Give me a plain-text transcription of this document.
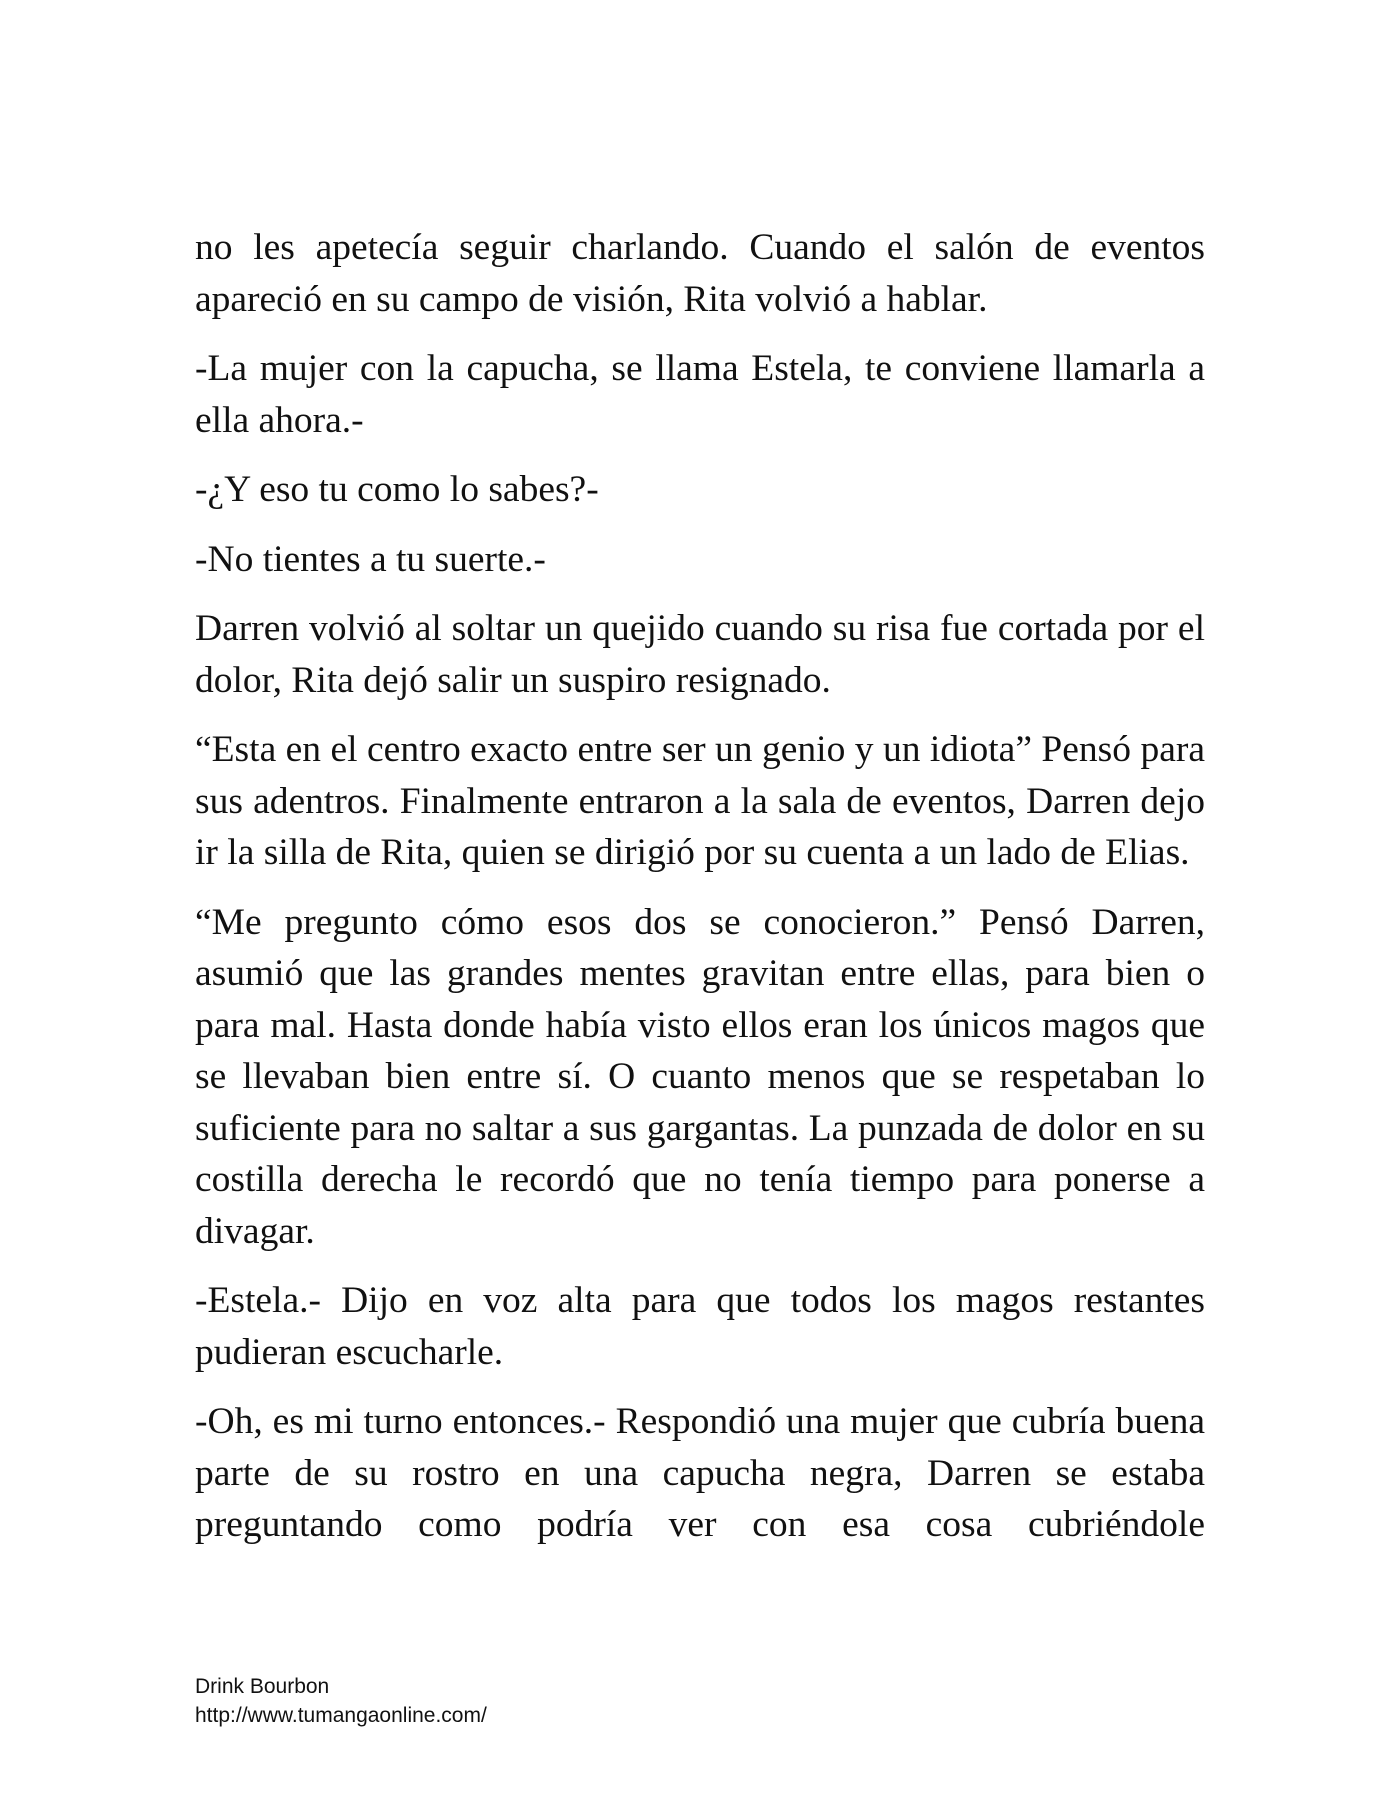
no les apetecía seguir charlando. Cuando el salón de eventos apareció en su campo de visión, Rita volvió a hablar.

-La mujer con la capucha, se llama Estela, te conviene llamarla a ella ahora.-

-¿Y eso tu como lo sabes?-

-No tientes a tu suerte.-

Darren volvió al soltar un quejido cuando su risa fue cortada por el dolor, Rita dejó salir un suspiro resignado.

“Esta en el centro exacto entre ser un genio y un idiota” Pensó para sus adentros. Finalmente entraron a la sala de eventos, Darren dejo ir la silla de Rita, quien se dirigió por su cuenta a un lado de Elias.

“Me pregunto cómo esos dos se conocieron.” Pensó Darren, asumió que las grandes mentes gravitan entre ellas, para bien o para mal. Hasta donde había visto ellos eran los únicos magos que se llevaban bien entre sí. O cuanto menos que se respetaban lo suficiente para no saltar a sus gargantas. La punzada de dolor en su costilla derecha le recordó que no tenía tiempo para ponerse a divagar.

-Estela.- Dijo en voz alta para que todos los magos restantes pudieran escucharle.

-Oh, es mi turno entonces.- Respondió una mujer que cubría buena parte de su rostro en una capucha negra, Darren se estaba preguntando como podría ver con esa cosa cubriéndole

Drink Bourbon
http://www.tumangaonline.com/
